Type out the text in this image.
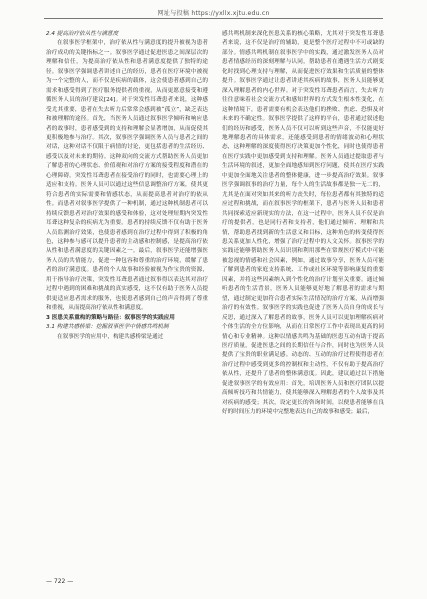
网址与投稿 https://yxllx.xjtu.edu.cn

2.4 提高治疗依从性与满意度

在叙事医学框架中，治疗依从性与满意度的提升被视为患者治疗成功的关键指标之一。叙事医学通过促进医患之间深层次的理解和信任，为提高治疗依从性和患者满意度提供了独特的途径。叙事医学强调患者讲述自己的经历，患者在医疗环境中被视为一个完整的人，而不仅是疾病的载体，这会使患者感到自己的需求和感受得到了医疗服务提供者的重视，从而更愿意接受和遵循医务人员的治疗建议[24]。对于突发性耳聋患者来说，这种感受尤其重要，患者在失去听力后常常会感到被“孤立”，缺乏表达和被理解的途径。首先，当医务人员通过叙事医学倾听和响应患者的故事时，患者感受到的支持和理解会显著增加，从而促使其更积极地参与治疗。其次，叙事医学强调医务人员与患者之间的对话，这种对话不仅限于病情的讨论，更包括患者的生活经历、感受以及对未来的期待。这种双向的交流方式帮助医务人员更加了解患者的心理状态、价值观和对治疗方案的接受程度和潜在的心理障碍。突发性耳聋患者在接受治疗的同时，也需要心理上的适应和支持。医务人员可以通过这些信息调整治疗方案，使其更符合患者的实际需要和情感状态，从而提高患者对治疗的依从性。而患者对叙事医学提供了一种机制，通过这种机制患者可以持续反馈患者对治疗效果的感受和体验，这对处理短期内突发性耳聋这种复杂的疾病尤为重要。患者的持续反馈不仅有助于医务人员监测治疗效果，也使患者感到在治疗过程中得到了积极的角色，这种参与感可以提升患者的主动感和控制感，是提高治疗依从性和患者满意度的关键因素之一。最后，叙事医学还能增强医务人员的共情能力，促进一种包容和尊重的治疗环境，缓解了患者的治疗满意度。患者的个人故事和经验被视为作宝贵的资源，用于指导治疗决策，突发性耳聋患者通过叙事得以表达其对治疗过程中遇到的困难和挑战的真实感受，这不仅有助于医务人员提供更适应患者需求的服务，也使患者感到自己的声音得到了尊重和重视，从而提高治疗依从性和满意度。

3 医患关系重构的策略与路径：叙事医学的实践应用

3.1 构建共感桥梁：挖掘叙事医学中情感共鸣机制

在叙事医学的应用中，构建共感桥梁是通过

感共鸣机制来深化医患关系的核心策略，尤其对于突发性耳聋患者来说，这不仅是治疗的辅助，更是整个医疗过程中不可或缺的部分。情感共鸣机制在叙事医学中的实践，通过激发医务人员对患者情感经历的深刻理解与认同，帮助患者在遭遇生活方式剧变化时找到心理支持与理解，从而促进医疗效果和生活质量的整体提升。叙事医学通过让患者讲述其疾病的故事，医务人员能够更深入理解患者的内心世界。对于突发性耳聋患者而言，失去听力往往意味着社会交流方式和感知世界的方式发生根本性变化，在这种情境下，患者需要有机会表达他们的挫败、焦虑、恐惧及对未来的不确定性。叙事医学提供了这样的平台，患者通过叙述他们的经历和感受，医务人员不仅可以听到这些声音，不仅能更好地理解患者的具体需求，还能感受到患者的情绪波动和心理状态，这种理解的深度使得医疗决策更加个性化，同时也使得患者在医疗实践中更加感受到支持和理解。医务人员通过提取患者与生活环境的叙述，更加全面地感知到医疗问题，使其在医疗实践中更加全面地关注患者的整体健康，进一步提高治疗效果。叙事医学强调叙事的治疗力量，每个人的生活故事都是独一无二的，尤其是在面对突如其来的听力丧失时，每位患者都有其独特的适应过程和挑战，而在叙事医学的框架下，患者与医务人员和患者共同探索适应新现实的方法，在这一过程中，医务人员不仅是治疗的提供者，也是同行者和支持者，他们通过倾听、理解和共情，帮助患者找到新的生活意义和目标，这种角色的转变使得医患关系更加人性化，增强了治疗过程中的人文关怀。叙事医学的实践还能够帮助医务人员识别和利用那些在常规医疗模式中可能被忽视的情感和社会因素，例如，通过故事分享，医务人员可能了解到患者的家庭支持系统、工作或社区环境等影响康复的重要因素，并将这些因素纳入到个性化的治疗计划至关重要。通过倾听患者的生活背景，医务人员能够更好地了解患者的需求与期望，通过制定更加符合患者实际生活情况的治疗方案，从而增强治疗的有效性。叙事医学的实践也促进了医务人员自身的成长与反思，通过深入了解患者的故事，医务人员可以更加理解疾病对个体生活的全方位影响，从而在日常医疗工作中表现出更高的同情心和专业精神。这种以情感共鸣为基础的医患互动有助于提高医疗质量，促进医患之间的长期信任与合作，同时也为医务人员提供了宝贵的职业满足感。动态的、互动的治疗过程使得患者在治疗过程中感受到更多的控制权和主动性，不仅有助于提高治疗依从性，还提升了患者的整体满意度。因此，建议通过以下措施促进叙事医学的有效应用：首先，培训医务人员和医疗团队以提高倾听技巧和共情能力，使其能够深入理解患者的个人故事及其对疾病的感受；其次，设定更长的咨询时间，以便患者能够在良好的时间压力的环境中完整地表达自己的故事和感受；最后，

— 722 —
